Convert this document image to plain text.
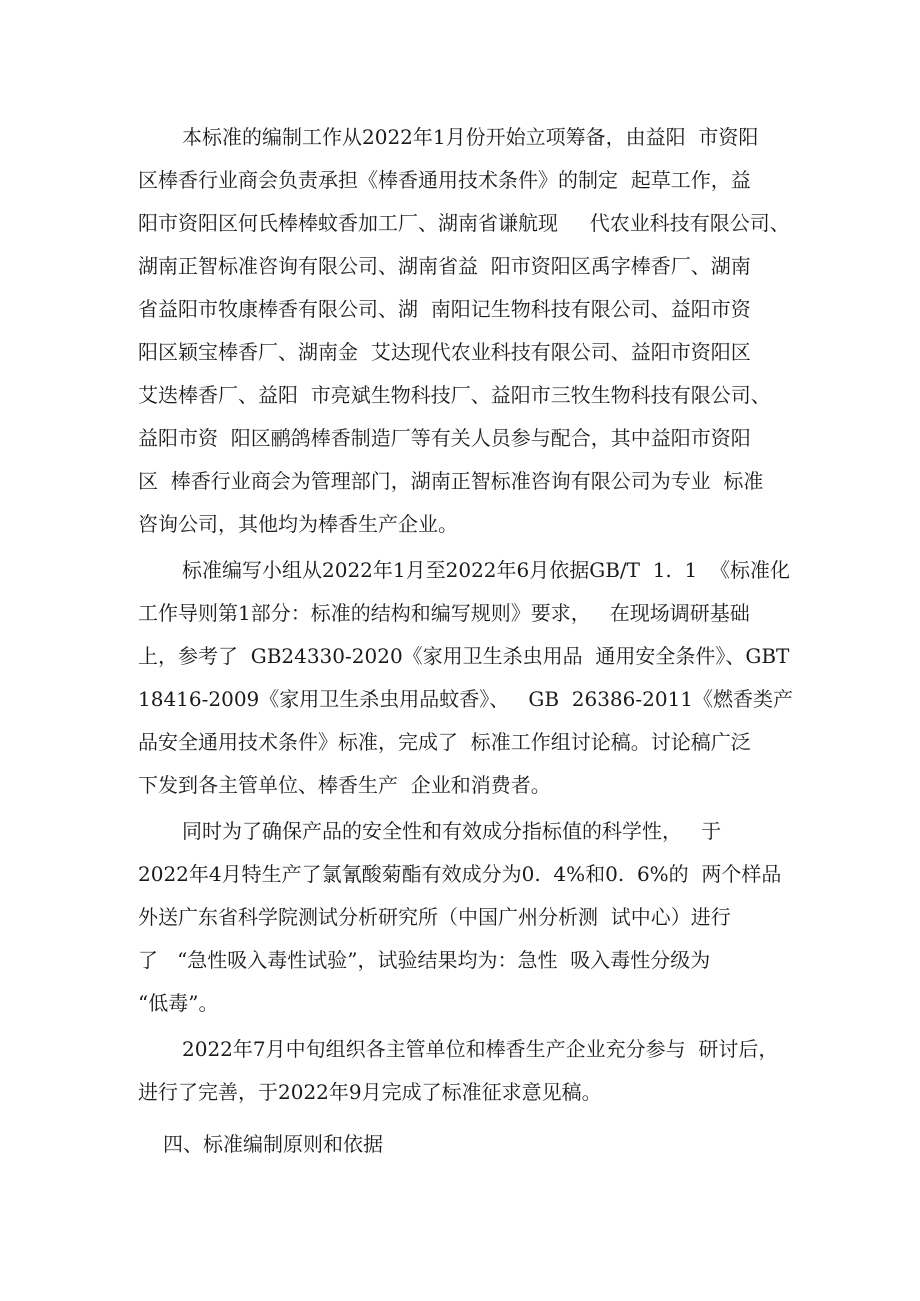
本标准的编制工作从2022年1月份开始立项筹备，由益阳  市资阳

区棒香行业商会负责承担《棒香通用技术条件》的制定  起草工作，益

阳市资阳区何氏棒棒蚊香加工厂、湖南省谦航现     代农业科技有限公司、

湖南正智标准咨询有限公司、湖南省益  阳市资阳区禹字棒香厂、湖南

省益阳市牧康棒香有限公司、湖  南阳记生物科技有限公司、益阳市资

阳区颖宝棒香厂、湖南金  艾达现代农业科技有限公司、益阳市资阳区

艾迭棒香厂、益阳  市亮斌生物科技厂、益阳市三牧生物科技有限公司、

益阳市资  阳区鹂鸽棒香制造厂等有关人员参与配合，其中益阳市资阳

区  棒香行业商会为管理部门，湖南正智标准咨询有限公司为专业  标准

咨询公司，其他均为棒香生产企业。

标准编写小组从2022年1月至2022年6月依据GB/T  1.  1  《标准化

工作导则第1部分：标准的结构和编写规则》要求，   在现场调研基础

上，参考了  GB24330-2020《家用卫生杀虫用品  通用安全条件》、GBT

18416-2009《家用卫生杀虫用品蚊香》、   GB  26386-2011《燃香类产

品安全通用技术条件》标准，完成了  标准工作组讨论稿。讨论稿广泛

下发到各主管单位、棒香生产  企业和消费者。

同时为了确保产品的安全性和有效成分指标值的科学性，   于

2022年4月特生产了氯氰酸菊酯有效成分为0.  4%和0.  6%的  两个样品

外送广东省科学院测试分析研究所（中国广州分析测  试中心）进行

了   “急性吸入毒性试验”，试验结果均为：急性  吸入毒性分级为

“低毒”。

2022年7月中旬组织各主管单位和棒香生产企业充分参与  研讨后，

进行了完善，于2022年9月完成了标准征求意见稿。

四、标准编制原则和依据
